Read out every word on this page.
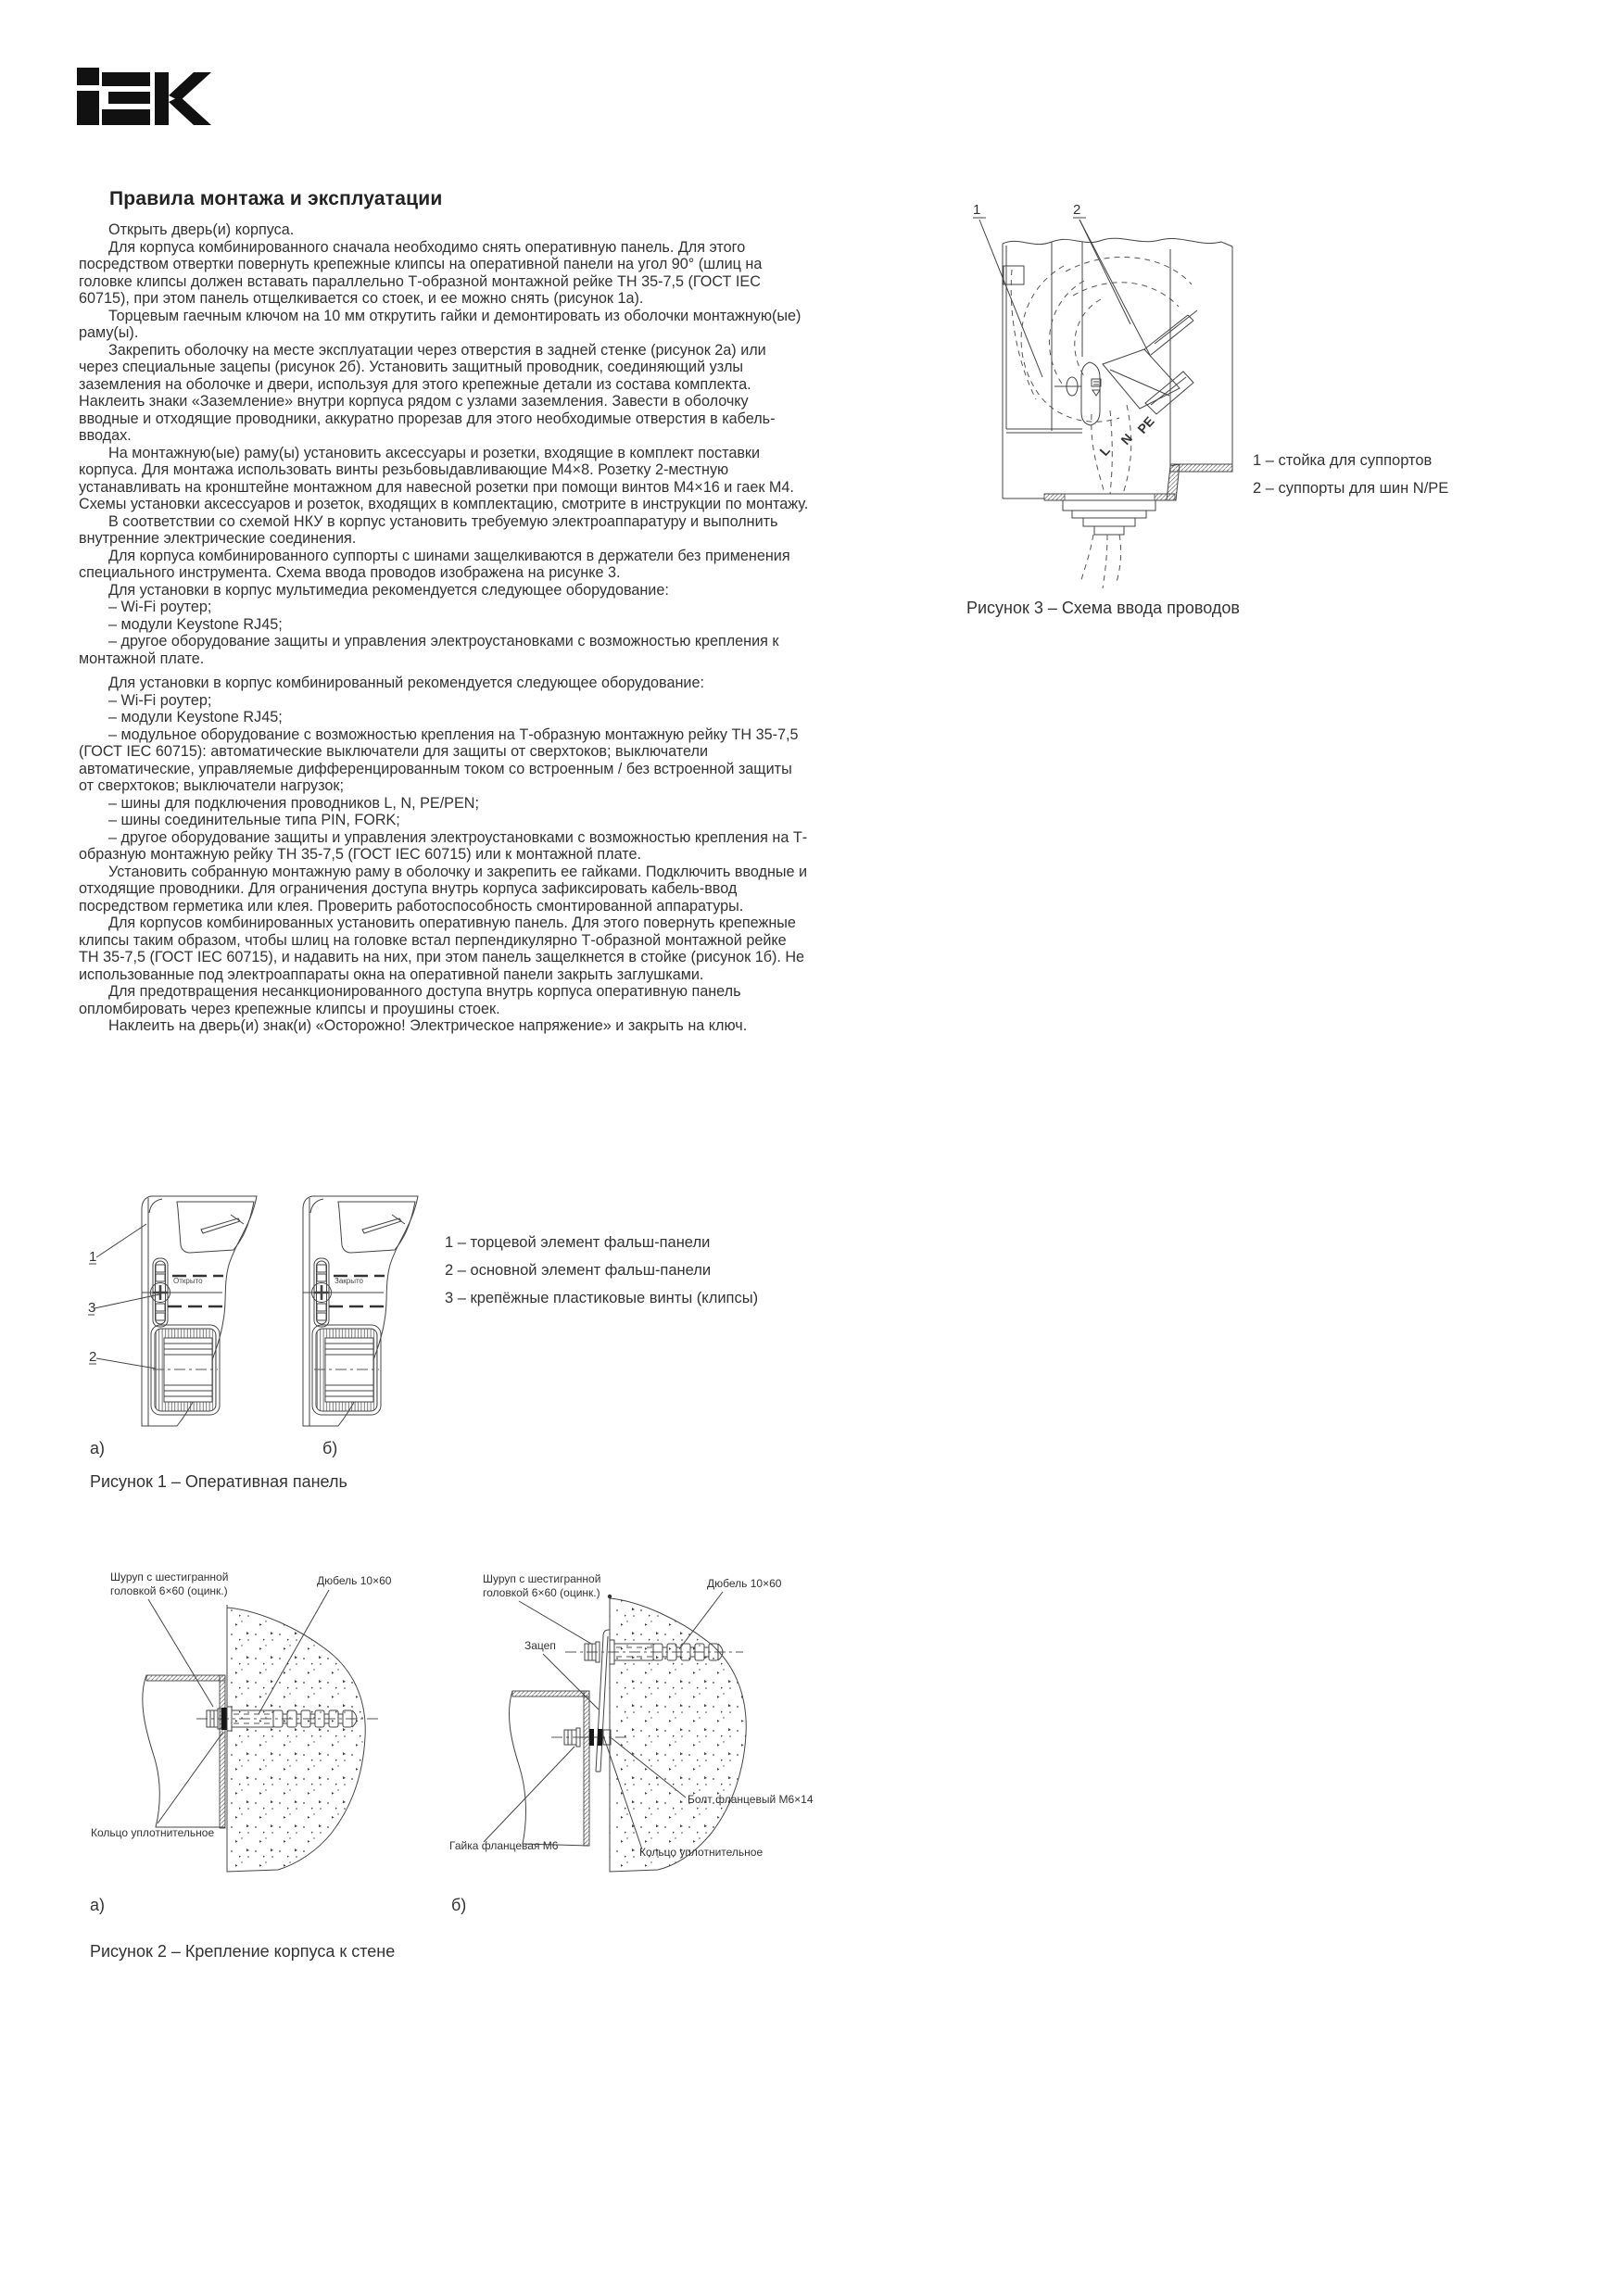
Правила монтажа и эксплуатации

Открыть дверь(и) корпуса.

Для корпуса комбинированного сначала необходимо снять оперативную панель. Для этого посредством отвертки повернуть крепежные клипсы на оперативной панели на угол 90° (шлиц на головке клипсы должен вставать параллельно Т-образной монтажной рейке ТН 35-7,5 (ГОСТ IEC 60715), при этом панель отщелкивается со стоек, и ее можно снять (рисунок 1а).

Торцевым гаечным ключом на 10 мм открутить гайки и демонтировать из оболочки монтажную(ые) раму(ы).

Закрепить оболочку на месте эксплуатации через отверстия в задней стенке (рисунок 2а) или через специальные зацепы (рисунок 2б). Установить защитный проводник, соединяющий узлы заземления на оболочке и двери, используя для этого крепежные детали из состава комплекта. Наклеить знаки «Заземление» внутри корпуса рядом с узлами заземления. Завести в оболочку вводные и отходящие проводники, аккуратно прорезав для этого необходимые отверстия в кабель-вводах.

На монтажную(ые) раму(ы) установить аксессуары и розетки, входящие в комплект поставки корпуса. Для монтажа использовать винты резьбовыдавливающие М4×8. Розетку 2-местную устанавливать на кронштейне монтажном для навесной розетки при помощи винтов М4×16 и гаек М4. Схемы установки аксессуаров и розеток, входящих в комплектацию, смотрите в инструкции по монтажу.

В соответствии со схемой НКУ в корпус установить требуемую электроаппаратуру и выполнить внутренние электрические соединения.

Для корпуса комбинированного суппорты с шинами защелкиваются в держатели без применения специального инструмента. Схема ввода проводов изображена на рисунке 3.

Для установки в корпус мультимедиа рекомендуется следующее оборудование:

– Wi-Fi роутер;

– модули Keystone RJ45;

– другое оборудование защиты и управления электроустановками с возможностью крепления к монтажной плате.

Для установки в корпус комбинированный рекомендуется следующее оборудование:

– Wi-Fi роутер;

– модули Keystone RJ45;

– модульное оборудование с возможностью крепления на Т-образную монтажную рейку ТН 35-7,5 (ГОСТ IEC 60715): автоматические выключатели для защиты от сверхтоков; выключатели автоматические, управляемые дифференцированным током со встроенным / без встроенной защиты от сверхтоков; выключатели нагрузок;

– шины для подключения проводников L, N, PE/PEN;

– шины соединительные типа PIN, FORK;

– другое оборудование защиты и управления электроустановками с возможностью крепления на Т-образную монтажную рейку ТН 35-7,5 (ГОСТ IEC 60715) или к монтажной плате.

Установить собранную монтажную раму в оболочку и закрепить ее гайками. Подключить вводные и отходящие проводники. Для ограничения доступа внутрь корпуса зафиксировать кабель-ввод посредством герметика или клея. Проверить работоспособность смонтированной аппаратуры.

Для корпусов комбинированных установить оперативную панель. Для этого повернуть крепежные клипсы таким образом, чтобы шлиц на головке встал перпендикулярно Т-образной монтажной рейке ТН 35-7,5 (ГОСТ IEC 60715), и надавить на них, при этом панель защелкнется в стойке (рисунок 1б). Не использованные под электроаппараты окна на оперативной панели закрыть заглушками.

Для предотвращения несанкционированного доступа внутрь корпуса оперативную панель опломбировать через крепежные клипсы и проушины стоек.

Наклеить на дверь(и) знак(и) «Осторожно! Электрическое напряжение» и закрыть на ключ.

1	2
L
N
PE
1 – стойка для суппортов
2 – суппорты для шин N/PE
Рисунок 3 – Схема ввода проводов
Открыто	Закрыто
1
3
2
1 – торцевой элемент фальш-панели
2 – основной элемент фальш-панели
3 – крепёжные пластиковые винты (клипсы)
а)	б)
Рисунок 1 – Оперативная панель
Шуруп с шестигранной
головкой 6×60 (оцинк.)
Дюбель 10×60
Кольцо уплотнительное
Шуруп с шестигранной
головкой 6×60 (оцинк.)
Дюбель 10×60
Зацеп
Болт фланцевый М6×14
Гайка фланцевая М6	Кольцо уплотнительное
а)	б)
Рисунок 2 – Крепление корпуса к стене
